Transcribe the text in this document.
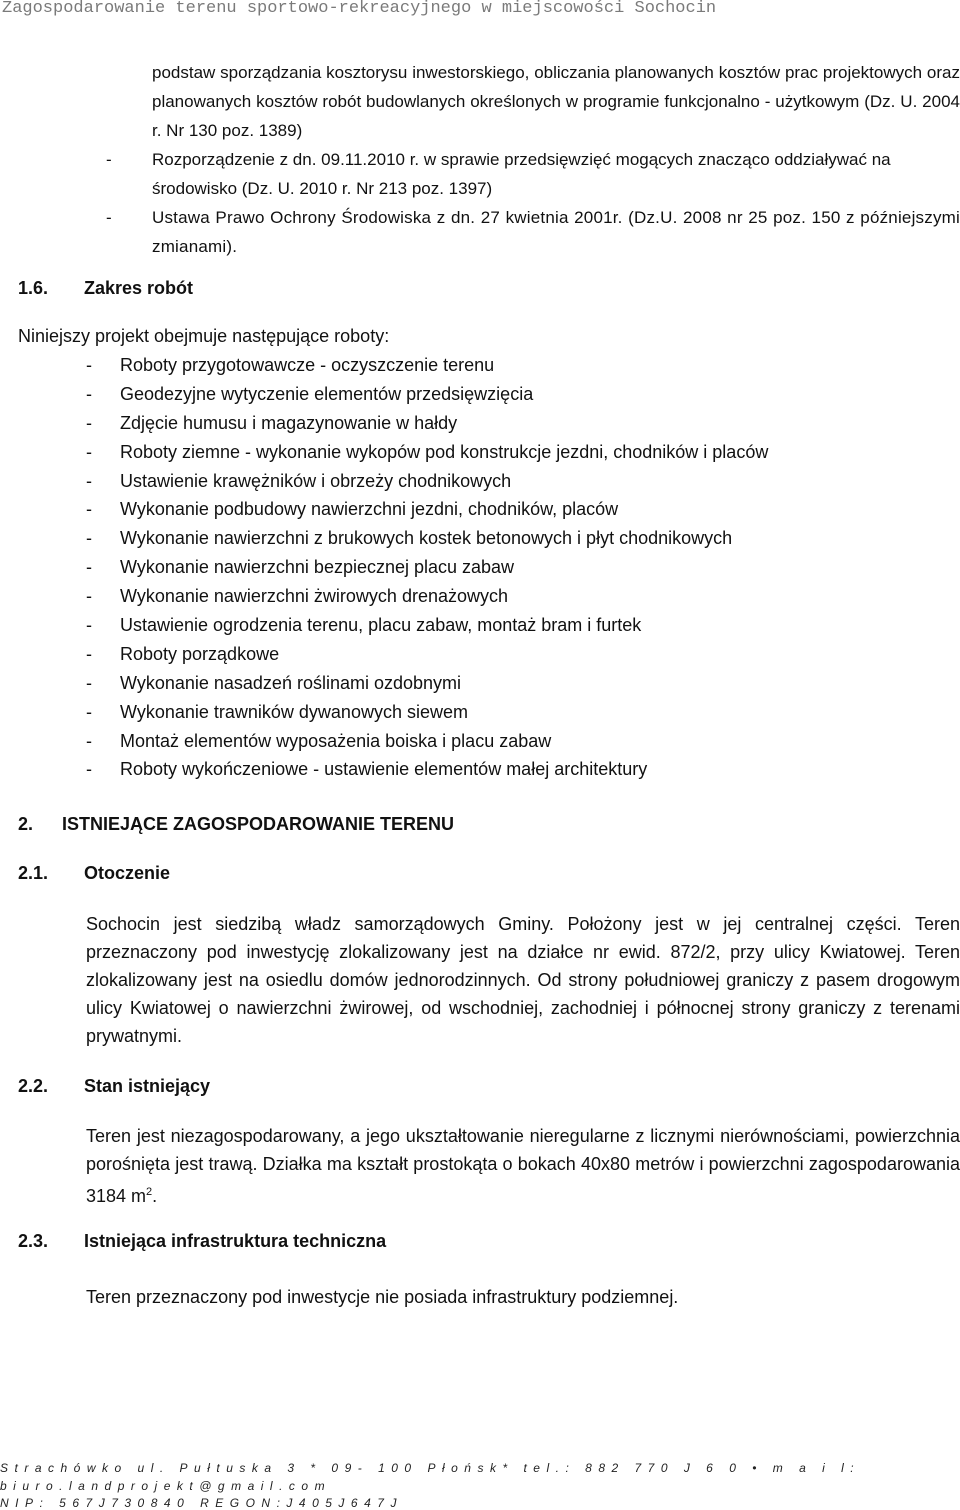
Zagospodarowanie terenu sportowo-rekreacyjnego w miejscowości Sochocin
podstaw sporządzania kosztorysu inwestorskiego, obliczania planowanych kosztów prac projektowych oraz planowanych kosztów robót budowlanych określonych w programie funkcjonalno - użytkowym (Dz. U. 2004 r. Nr 130 poz. 1389)
- Rozporządzenie z dn. 09.11.2010 r. w sprawie przedsięwzięć mogących znacząco oddziaływać na środowisko (Dz. U. 2010 r. Nr 213 poz. 1397)
- Ustawa Prawo Ochrony Środowiska z dn. 27 kwietnia 2001r. (Dz.U. 2008 nr 25 poz. 150 z późniejszymi zmianami).
1.6. Zakres robót
Niniejszy projekt obejmuje następujące roboty:
- Roboty przygotowawcze - oczyszczenie terenu
- Geodezyjne wytyczenie elementów przedsięwzięcia
- Zdjęcie humusu i magazynowanie w hałdy
- Roboty ziemne - wykonanie wykopów pod konstrukcje jezdni, chodników i placów
- Ustawienie krawężników i obrzeży chodnikowych
- Wykonanie podbudowy nawierzchni jezdni, chodników, placów
- Wykonanie nawierzchni z brukowych kostek betonowych i płyt chodnikowych
- Wykonanie nawierzchni bezpiecznej placu zabaw
- Wykonanie nawierzchni żwirowych drenażowych
- Ustawienie ogrodzenia terenu, placu zabaw, montaż bram i furtek
- Roboty porządkowe
- Wykonanie nasadzeń roślinami ozdobnymi
- Wykonanie trawników dywanowych siewem
- Montaż elementów wyposażenia boiska i placu zabaw
- Roboty wykończeniowe - ustawienie elementów małej architektury
2. ISTNIEJĄCE ZAGOSPODAROWANIE TERENU
2.1. Otoczenie
Sochocin jest siedzibą władz samorządowych Gminy. Położony jest w jej centralnej części. Teren przeznaczony pod inwestycję zlokalizowany jest na działce nr ewid. 872/2, przy ulicy Kwiatowej. Teren zlokalizowany jest na osiedlu domów jednorodzinnych. Od strony południowej graniczy z pasem drogowym ulicy Kwiatowej o nawierzchni żwirowej, od wschodniej, zachodniej i północnej strony graniczy z terenami prywatnymi.
2.2. Stan istniejący
Teren jest niezagospodarowany, a jego ukształtowanie nieregularne z licznymi nierównościami, powierzchnia porośnięta jest trawą. Działka ma kształt prostokąta o bokach 40x80 metrów i powierzchni zagospodarowania 3184 $m^2$.
2.3. Istniejąca infrastruktura techniczna
Teren przeznaczony pod inwestycje nie posiada infrastruktury podziemnej.
Strachówko ul. Pułtuska 3 * 09- 100 Płońsk* tel.: 882 770 J 6 0 • m a i l:
biuro.landprojekt@gmail.com
NIP: 567J730840 REGON:J405J647J
